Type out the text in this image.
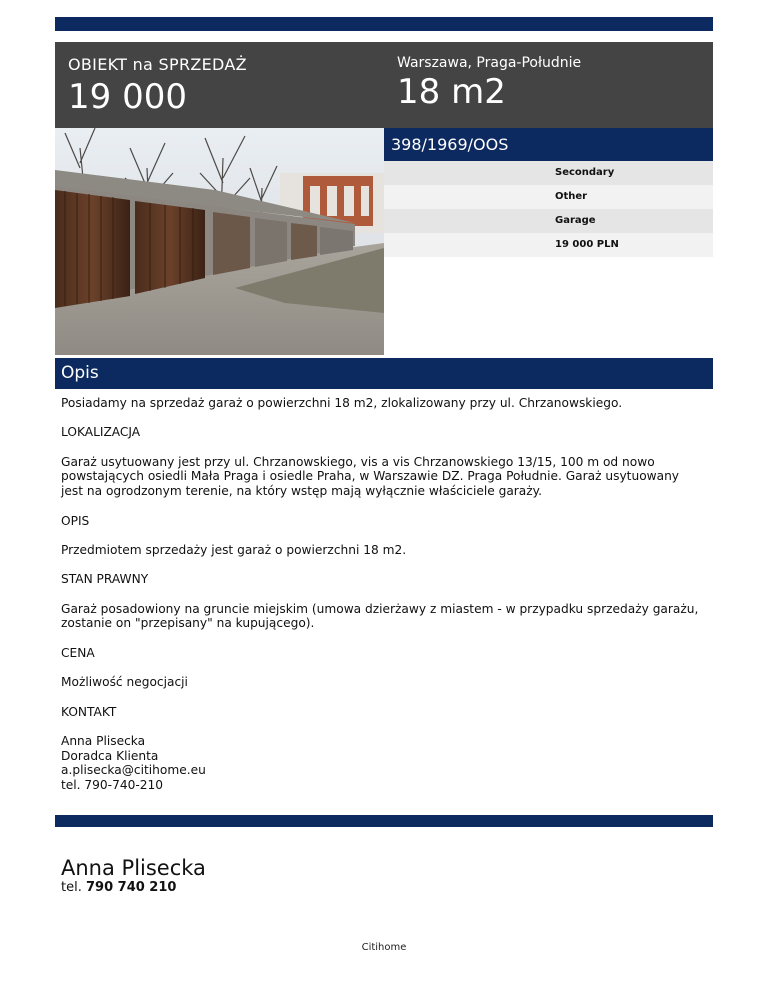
OBIEKT na SPRZEDAŻ
19 000
Warszawa, Praga-Południe
18 m2
398/1969/OOS
Secondary
Other
Garage
19 000 PLN
Opis

Posiadamy na sprzedaż garaż o powierzchni 18 m2, zlokalizowany przy ul. Chrzanowskiego.

LOKALIZACJA

Garaż usytuowany jest przy ul. Chrzanowskiego, vis a vis Chrzanowskiego 13/15, 100 m od nowo powstających osiedli Mała Praga i osiedle Praha, w Warszawie DZ. Praga Południe. Garaż usytuowany jest na ogrodzonym terenie, na który wstęp mają wyłącznie właściciele garaży.

OPIS

Przedmiotem sprzedaży jest garaż o powierzchni 18 m2.

STAN PRAWNY

Garaż posadowiony na gruncie miejskim (umowa dzierżawy z miastem - w przypadku sprzedaży garażu, zostanie on "przepisany" na kupującego).

CENA

Możliwość negocjacji

KONTAKT

Anna Plisecka
Doradca Klienta
a.plisecka@citihome.eu
tel. 790-740-210
Anna Plisecka
tel. 790 740 210
Citihome
